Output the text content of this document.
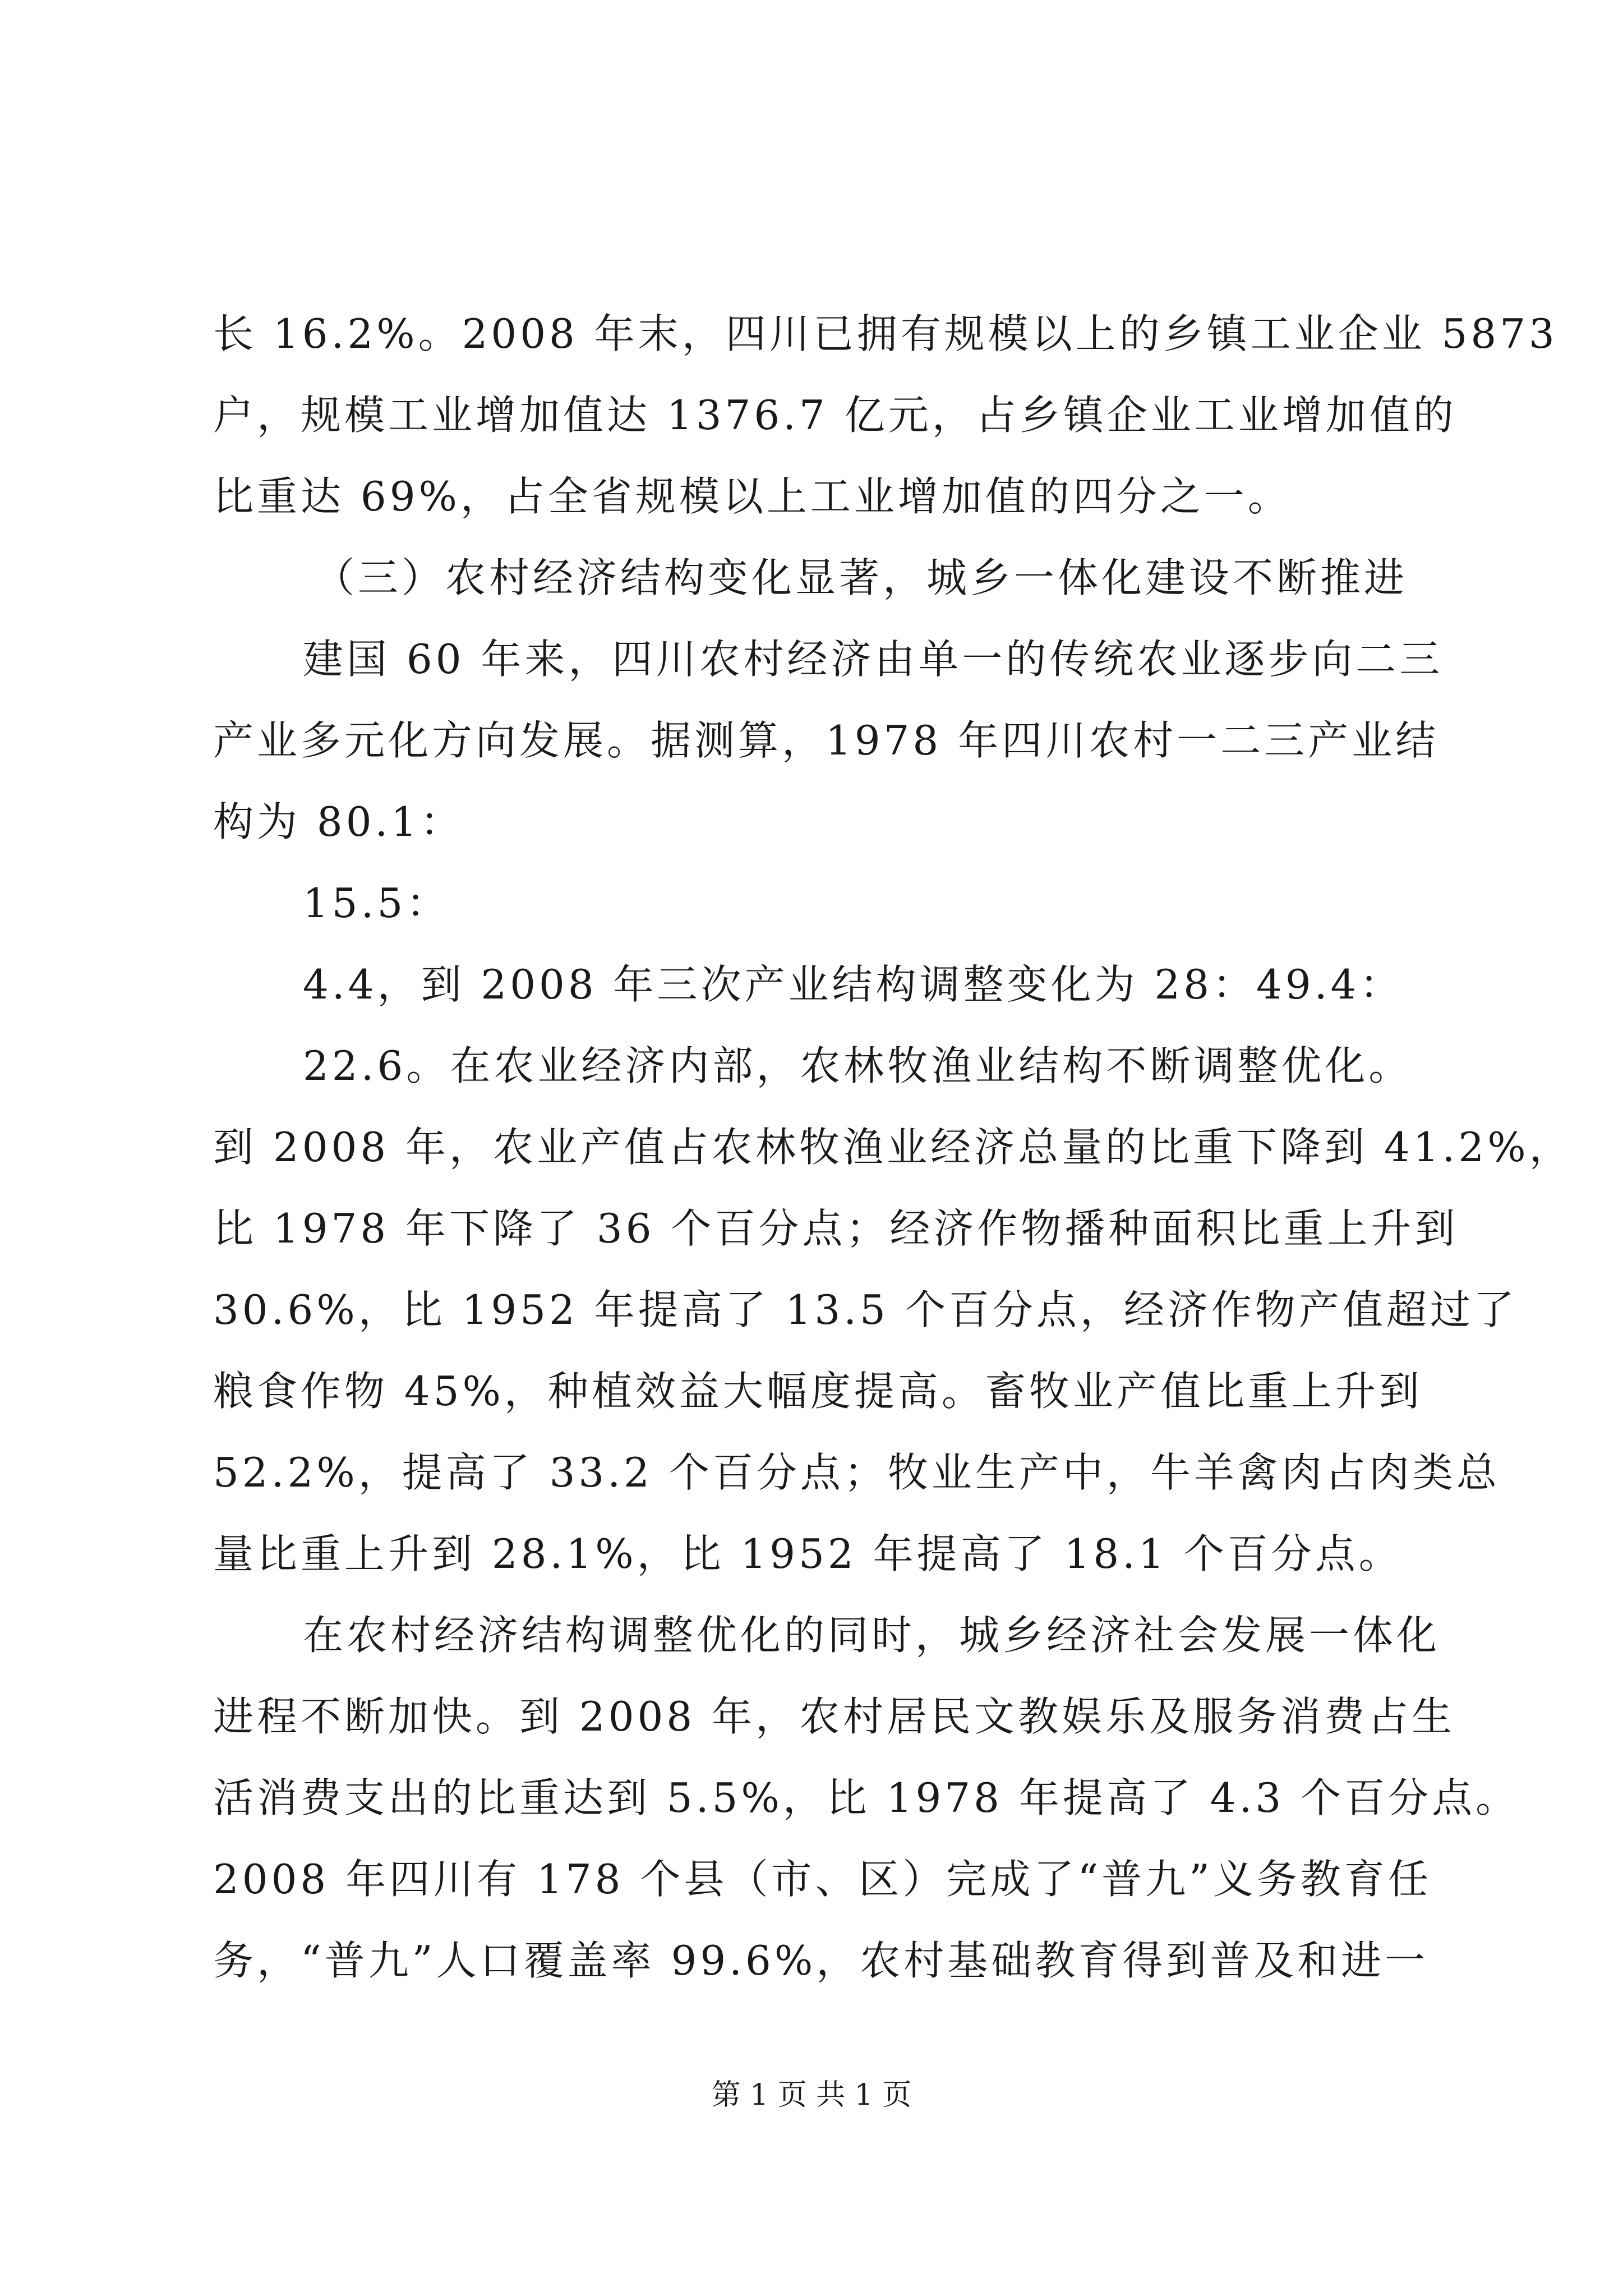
长 16.2%。2008 年末，四川已拥有规模以上的乡镇工业企业 5873
户，规模工业增加值达 1376.7 亿元，占乡镇企业工业增加值的
比重达 69%，占全省规模以上工业增加值的四分之一。
（三）农村经济结构变化显著，城乡一体化建设不断推进
建国 60 年来，四川农村经济由单一的传统农业逐步向二三
产业多元化方向发展。据测算，1978 年四川农村一二三产业结
构为 80.1：
15.5：
4.4，到 2008 年三次产业结构调整变化为 28：49.4：
22.6。在农业经济内部，农林牧渔业结构不断调整优化。
到 2008 年，农业产值占农林牧渔业经济总量的比重下降到 41.2%，
比 1978 年下降了 36 个百分点；经济作物播种面积比重上升到
30.6%，比 1952 年提高了 13.5 个百分点，经济作物产值超过了
粮食作物 45%，种植效益大幅度提高。畜牧业产值比重上升到
52.2%，提高了 33.2 个百分点；牧业生产中，牛羊禽肉占肉类总
量比重上升到 28.1%，比 1952 年提高了 18.1 个百分点。
在农村经济结构调整优化的同时，城乡经济社会发展一体化
进程不断加快。到 2008 年，农村居民文教娱乐及服务消费占生
活消费支出的比重达到 5.5%，比 1978 年提高了 4.3 个百分点。
2008 年四川有 178 个县（市、区）完成了“普九”义务教育任
务，“普九”人口覆盖率 99.6%，农村基础教育得到普及和进一
第 1 页 共 1 页
